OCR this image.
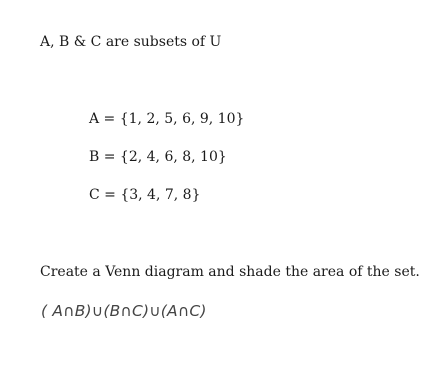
A, B & C are subsets of U
A = {1, 2, 5, 6, 9, 10}
B = {2, 4, 6, 8, 10}
C = {3, 4, 7, 8}
Create a Venn diagram and shade the area of the set.
( A∩B)∪(B∩C)∪(A∩C)
